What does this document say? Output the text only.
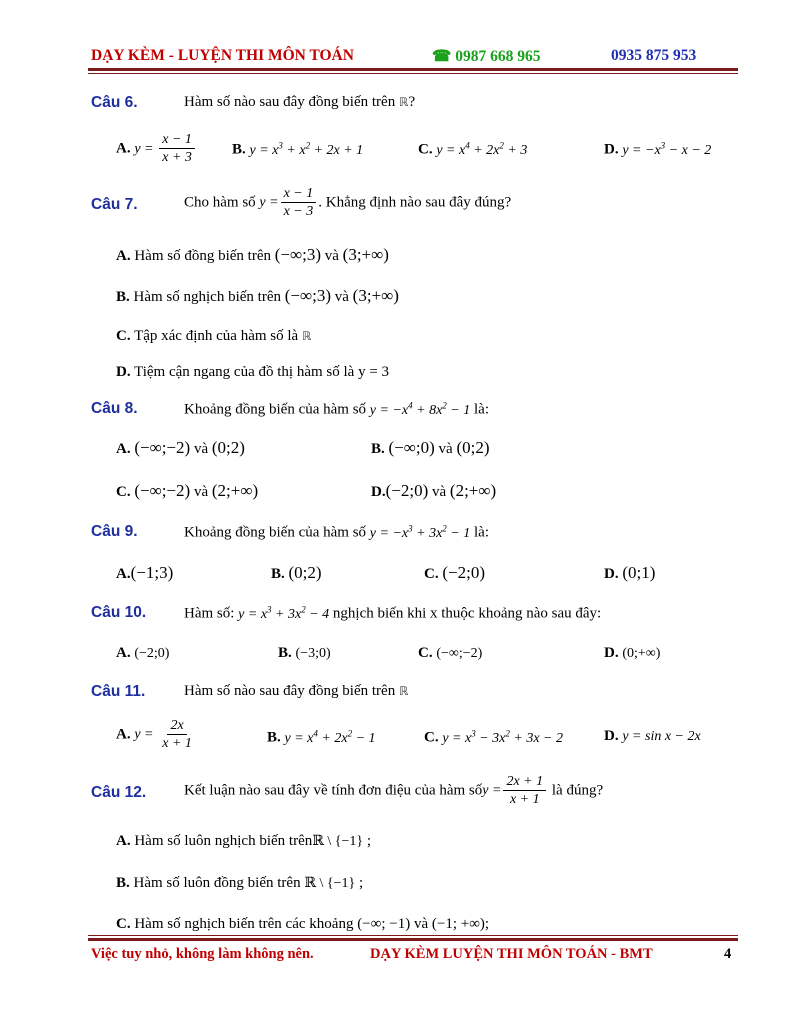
DẠY KÈM - LUYỆN THI MÔN TOÁN	☎ 0987 668 965	0935 875 953
Câu 6.	Hàm số nào sau đây đồng biến trên ℝ?
A. $y = \frac{x - 1}{x + 3} B$. $y = x^3 + x^2 + 2x + 1$	C. $y = x^4 + 2x^2 + 3$	D. $y = -x^3 - x - 2$
Câu 7.	Cho hàm số $y = \frac{x - 1}{x - 3}$ . Khẳng định nào sau đây đúng?
A. Hàm số đồng biến trên (−∞;3) và (3;+∞)
B. Hàm số nghịch biến trên (−∞;3) và (3;+∞)
C. Tập xác định của hàm số là ℝ
D. Tiệm cận ngang của đồ thị hàm số là y = 3
Câu 8.	Khoảng đồng biến của hàm số $y = -x^4 + 8x^2 - 1$ là:
A. (−∞;−2) và (0;2)	B. (−∞;0) và (0;2)
C. (−∞;−2) và (2;+∞)	D.(−2;0) và (2;+∞)
Câu 9.	Khoảng đồng biến của hàm số $y = -x^3 + 3x^2 - 1$ là:
A.(−1;3)	B. (0;2)	C. (−2;0)	D. (0;1)
Câu 10.	Hàm số: $y = x^3 + 3x^2 - 4$ nghịch biến khi x thuộc khoảng nào sau đây:
A. (−2;0)	B. (−3;0)	C. (−∞;−2)	D. (0;+∞)
Câu 11.	Hàm số nào sau đây đồng biến trên ℝ
A. $y = \frac{2x}{x + 1}$	B. $y = x^4 + 2x^2 - 1$	C. $y = x^3 - 3x^2 + 3x - 2$	D. y = sin x − 2x
Câu 12.	Kết luận nào sau đây về tính đơn điệu của hàm sốy = $\frac{2x + 1}{x + 1}$ là đúng?
A. Hàm số luôn nghịch biến trênℝ \ {−1} ;
B. Hàm số luôn đồng biến trên ℝ \ {−1} ;
C. Hàm số nghịch biến trên các khoảng (−∞; −1) và (−1; +∞);
Việc tuy nhỏ, không làm không nên.	DẠY KÈM LUYỆN THI MÔN TOÁN - BMT	4
